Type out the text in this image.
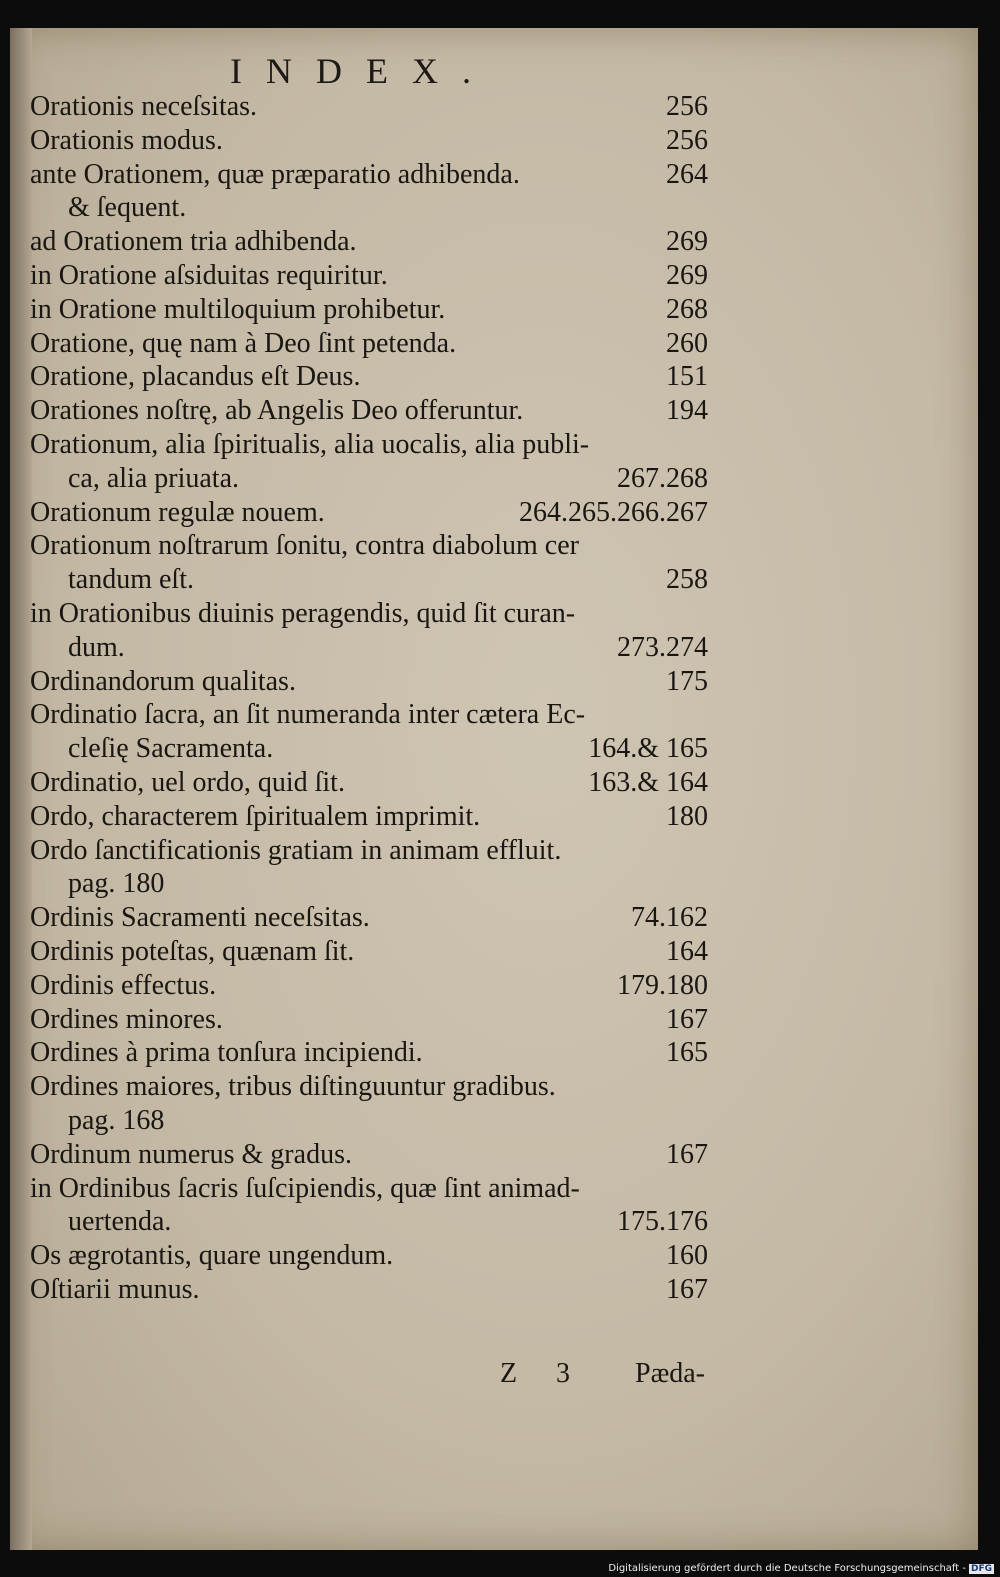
INDEX.
Orationis neceſsitas.	256
Orationis modus.	256
ante Orationem, quæ præparatio adhibenda.	264
& ſequent.
ad Orationem tria adhibenda.	269
in Oratione aſsiduitas requiritur.	269
in Oratione multiloquium prohibetur.	268
Oratione, quę nam à Deo ſint petenda.	260
Oratione, placandus eſt Deus.	151
Orationes noſtrę, ab Angelis Deo offeruntur.	194
Orationum, alia ſpiritualis, alia uocalis, alia publi-
ca, alia priuata.	267.268
Orationum regulæ nouem.	264.265.266.267
Orationum noſtrarum ſonitu, contra diabolum cer
tandum eſt.	258
in Orationibus diuinis peragendis, quid ſit curan-
dum.	273.274
Ordinandorum qualitas.	175
Ordinatio ſacra, an ſit numeranda inter cætera Ec-
cleſię Sacramenta.	164.& 165
Ordinatio, uel ordo, quid ſit.	163.& 164
Ordo, characterem ſpiritualem imprimit.	180
Ordo ſanctificationis gratiam in animam effluit.
pag. 180
Ordinis Sacramenti neceſsitas.	74.162
Ordinis poteſtas, quænam ſit.	164
Ordinis effectus.	179.180
Ordines minores.	167
Ordines à prima tonſura incipiendi.	165
Ordines maiores, tribus diſtinguuntur gradibus.
pag. 168
Ordinum numerus & gradus.	167
in Ordinibus ſacris ſuſcipiendis, quæ ſint animad-
uertenda.	175.176
Os ægrotantis, quare ungendum.	160
Oſtiarii munus.	167
Z 3 Pæda-
Digitalisierung gefördert durch die Deutsche Forschungsgemeinschaft - DFG
